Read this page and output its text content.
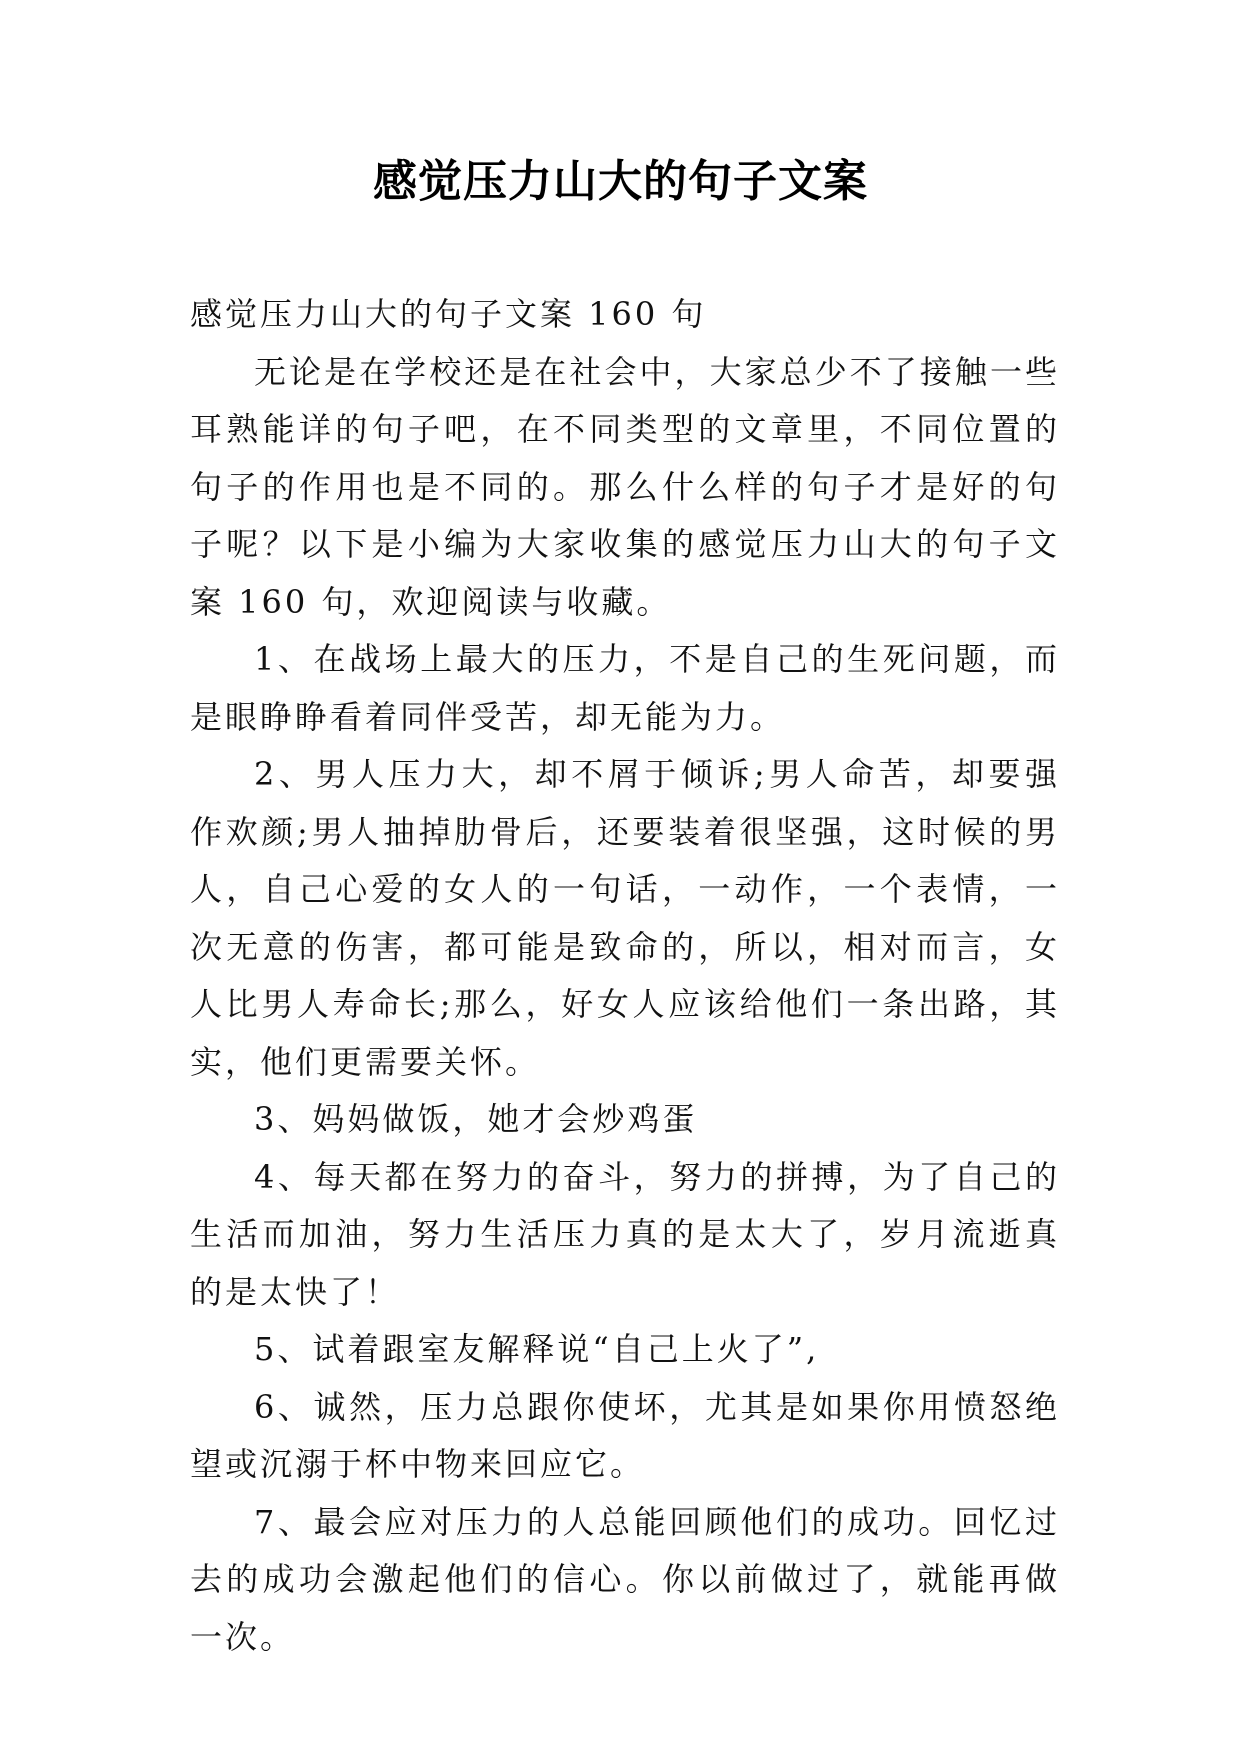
感觉压力山大的句子文案

感觉压力山大的句子文案 160 句

无论是在学校还是在社会中，大家总少不了接触一些耳熟能详的句子吧，在不同类型的文章里，不同位置的句子的作用也是不同的。那么什么样的句子才是好的句子呢？以下是小编为大家收集的感觉压力山大的句子文案 160 句，欢迎阅读与收藏。

1、在战场上最大的压力，不是自己的生死问题，而是眼睁睁看着同伴受苦，却无能为力。

2、男人压力大，却不屑于倾诉;男人命苦，却要强作欢颜;男人抽掉肋骨后，还要装着很坚强，这时候的男人，自己心爱的女人的一句话，一动作，一个表情，一次无意的伤害，都可能是致命的，所以，相对而言，女人比男人寿命长;那么，好女人应该给他们一条出路，其实，他们更需要关怀。

3、妈妈做饭，她才会炒鸡蛋

4、每天都在努力的奋斗，努力的拼搏，为了自己的生活而加油，努力生活压力真的是太大了，岁月流逝真的是太快了！

5、试着跟室友解释说“自己上火了”,

6、诚然，压力总跟你使坏，尤其是如果你用愤怒绝望或沉溺于杯中物来回应它。

7、最会应对压力的人总能回顾他们的成功。回忆过去的成功会激起他们的信心。你以前做过了，就能再做一次。
